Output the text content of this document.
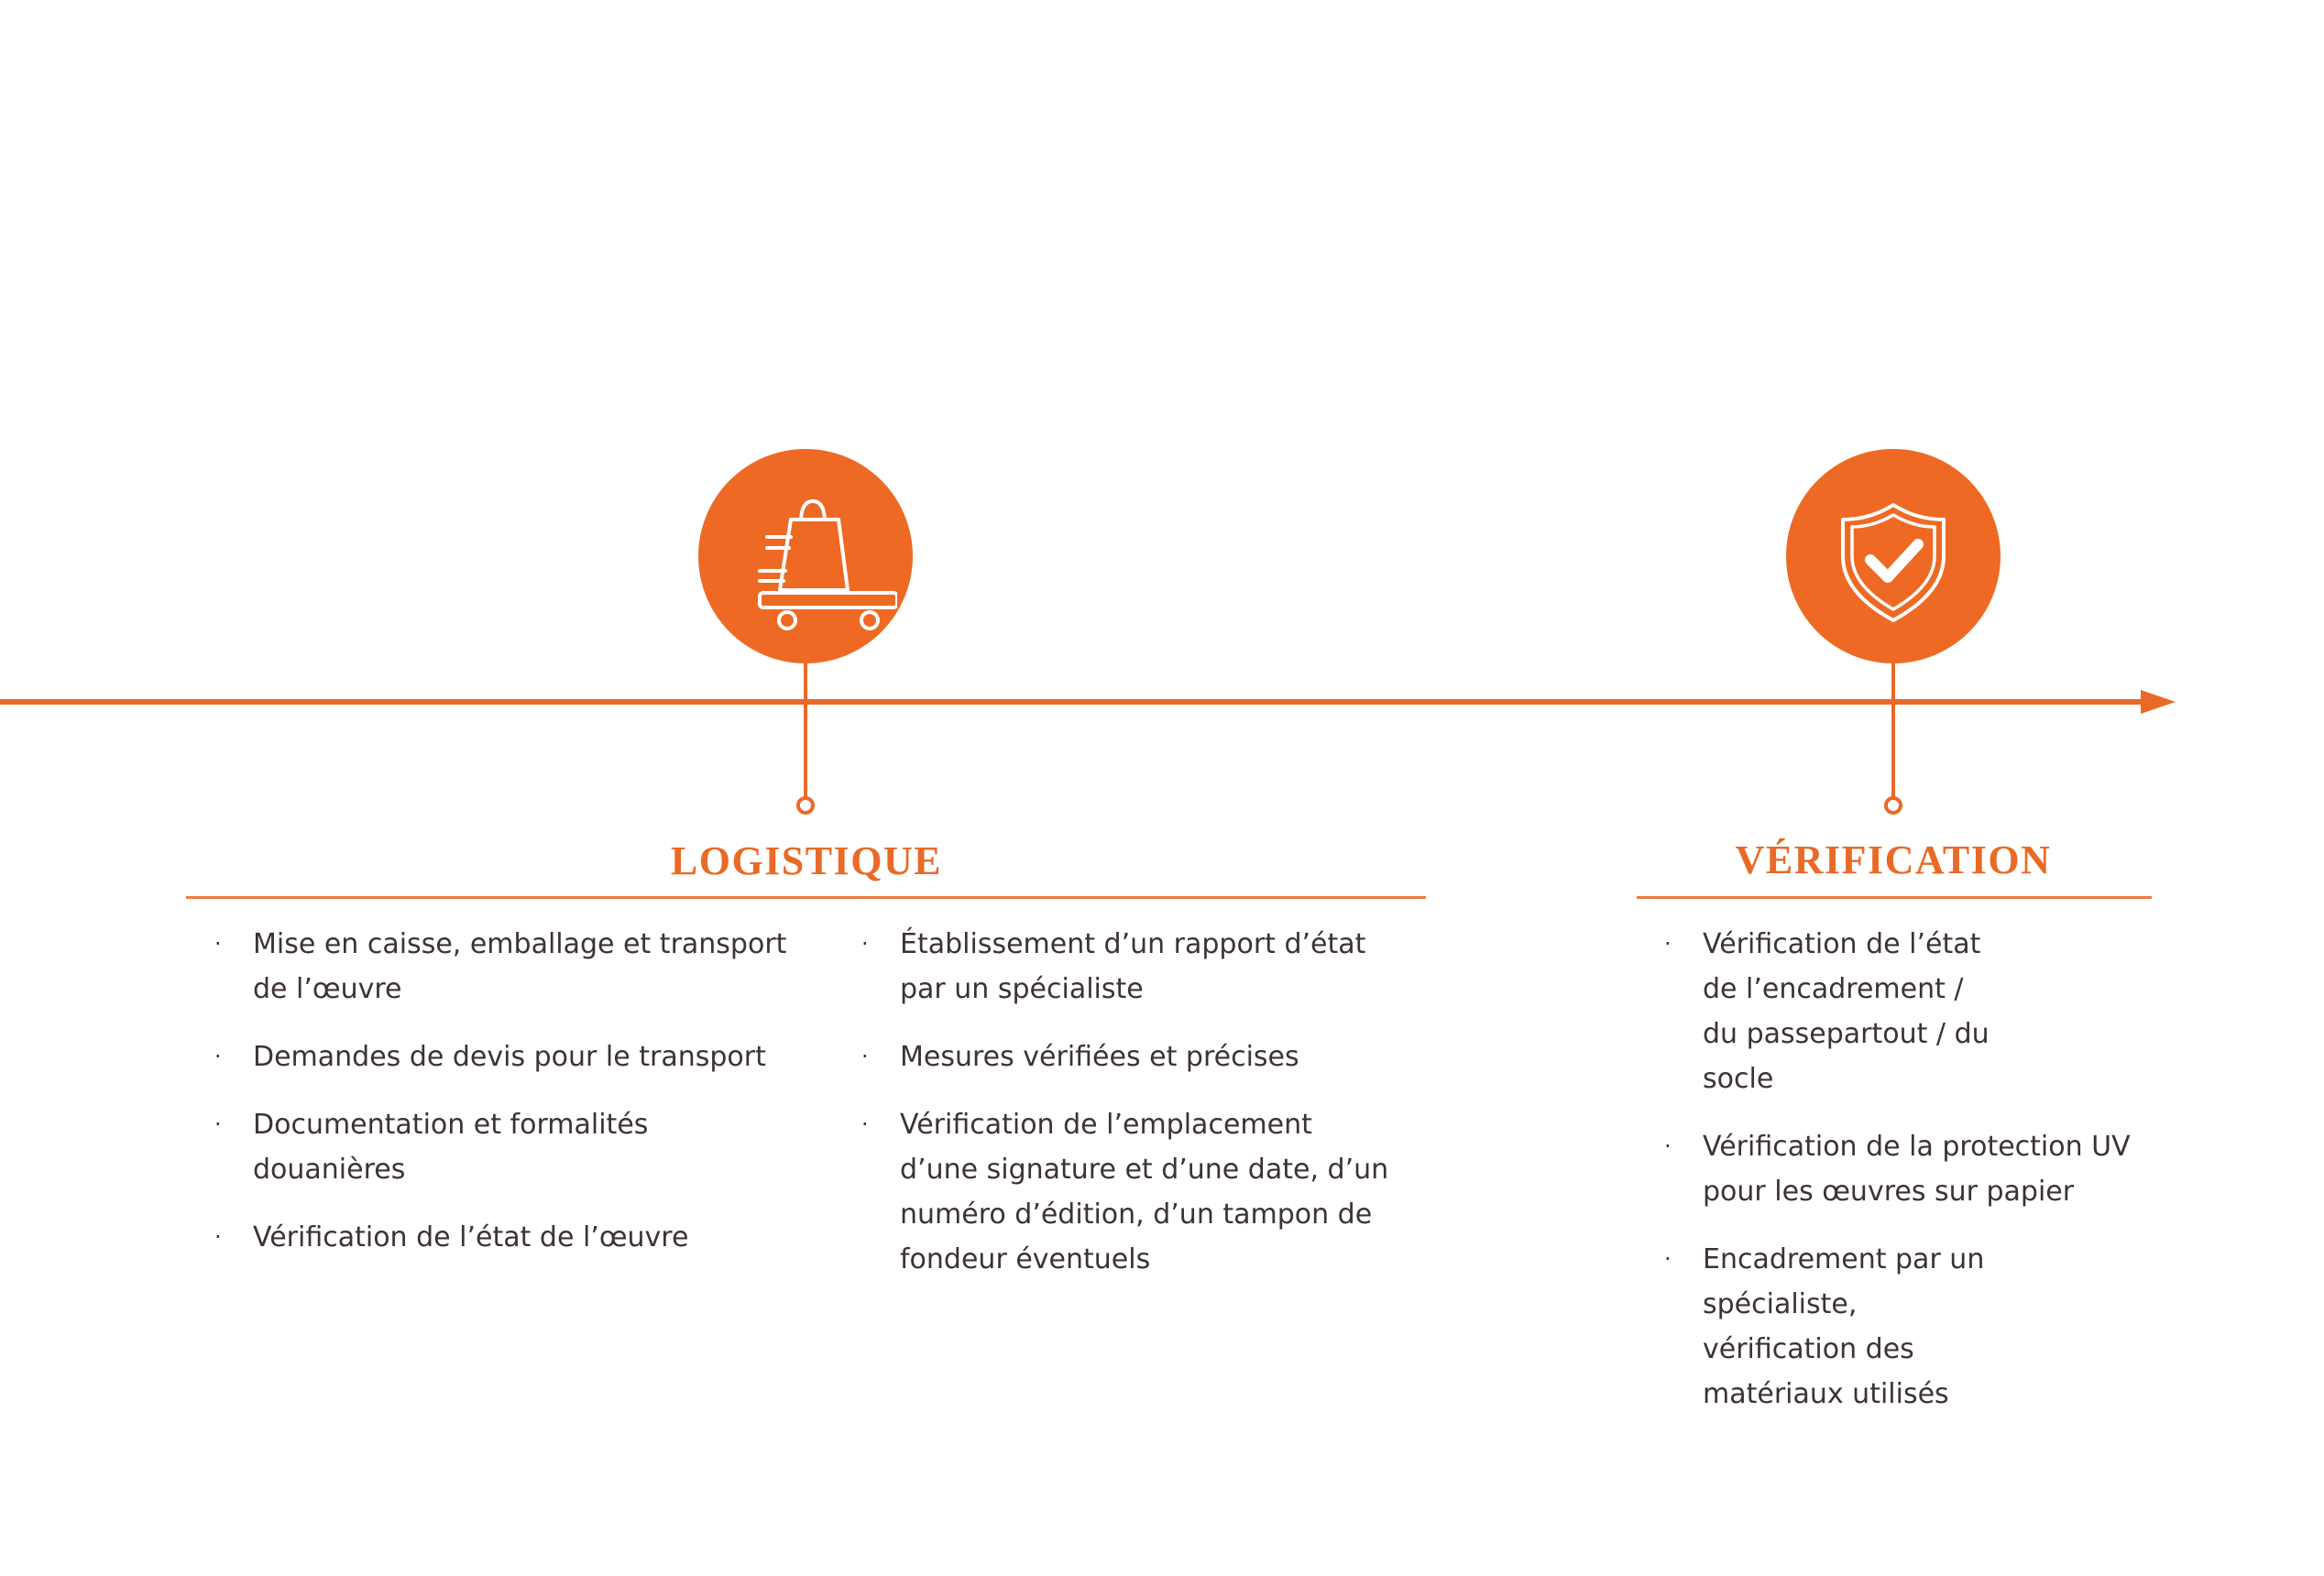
LOGISTIQUE
· Mise en caisse, emballage et transport de l’œuvre
· Demandes de devis pour le transport
· Documentation et formalités douanières
· Vérification de l’état de l’œuvre
· Établissement d’un rapport d’état par un spécialiste
· Mesures vérifiées et précises
· Vérification de l’emplacement d’une signature et d’une date, d’un numéro d’édition, d’un tampon de fondeur éventuels
VÉRIFICATION
· Vérification de l’état de l’encadrement / du passepartout / du socle
· Vérification de la protection UV pour les œuvres sur papier
· Encadrement par un spécialiste, vérification des matériaux utilisés
